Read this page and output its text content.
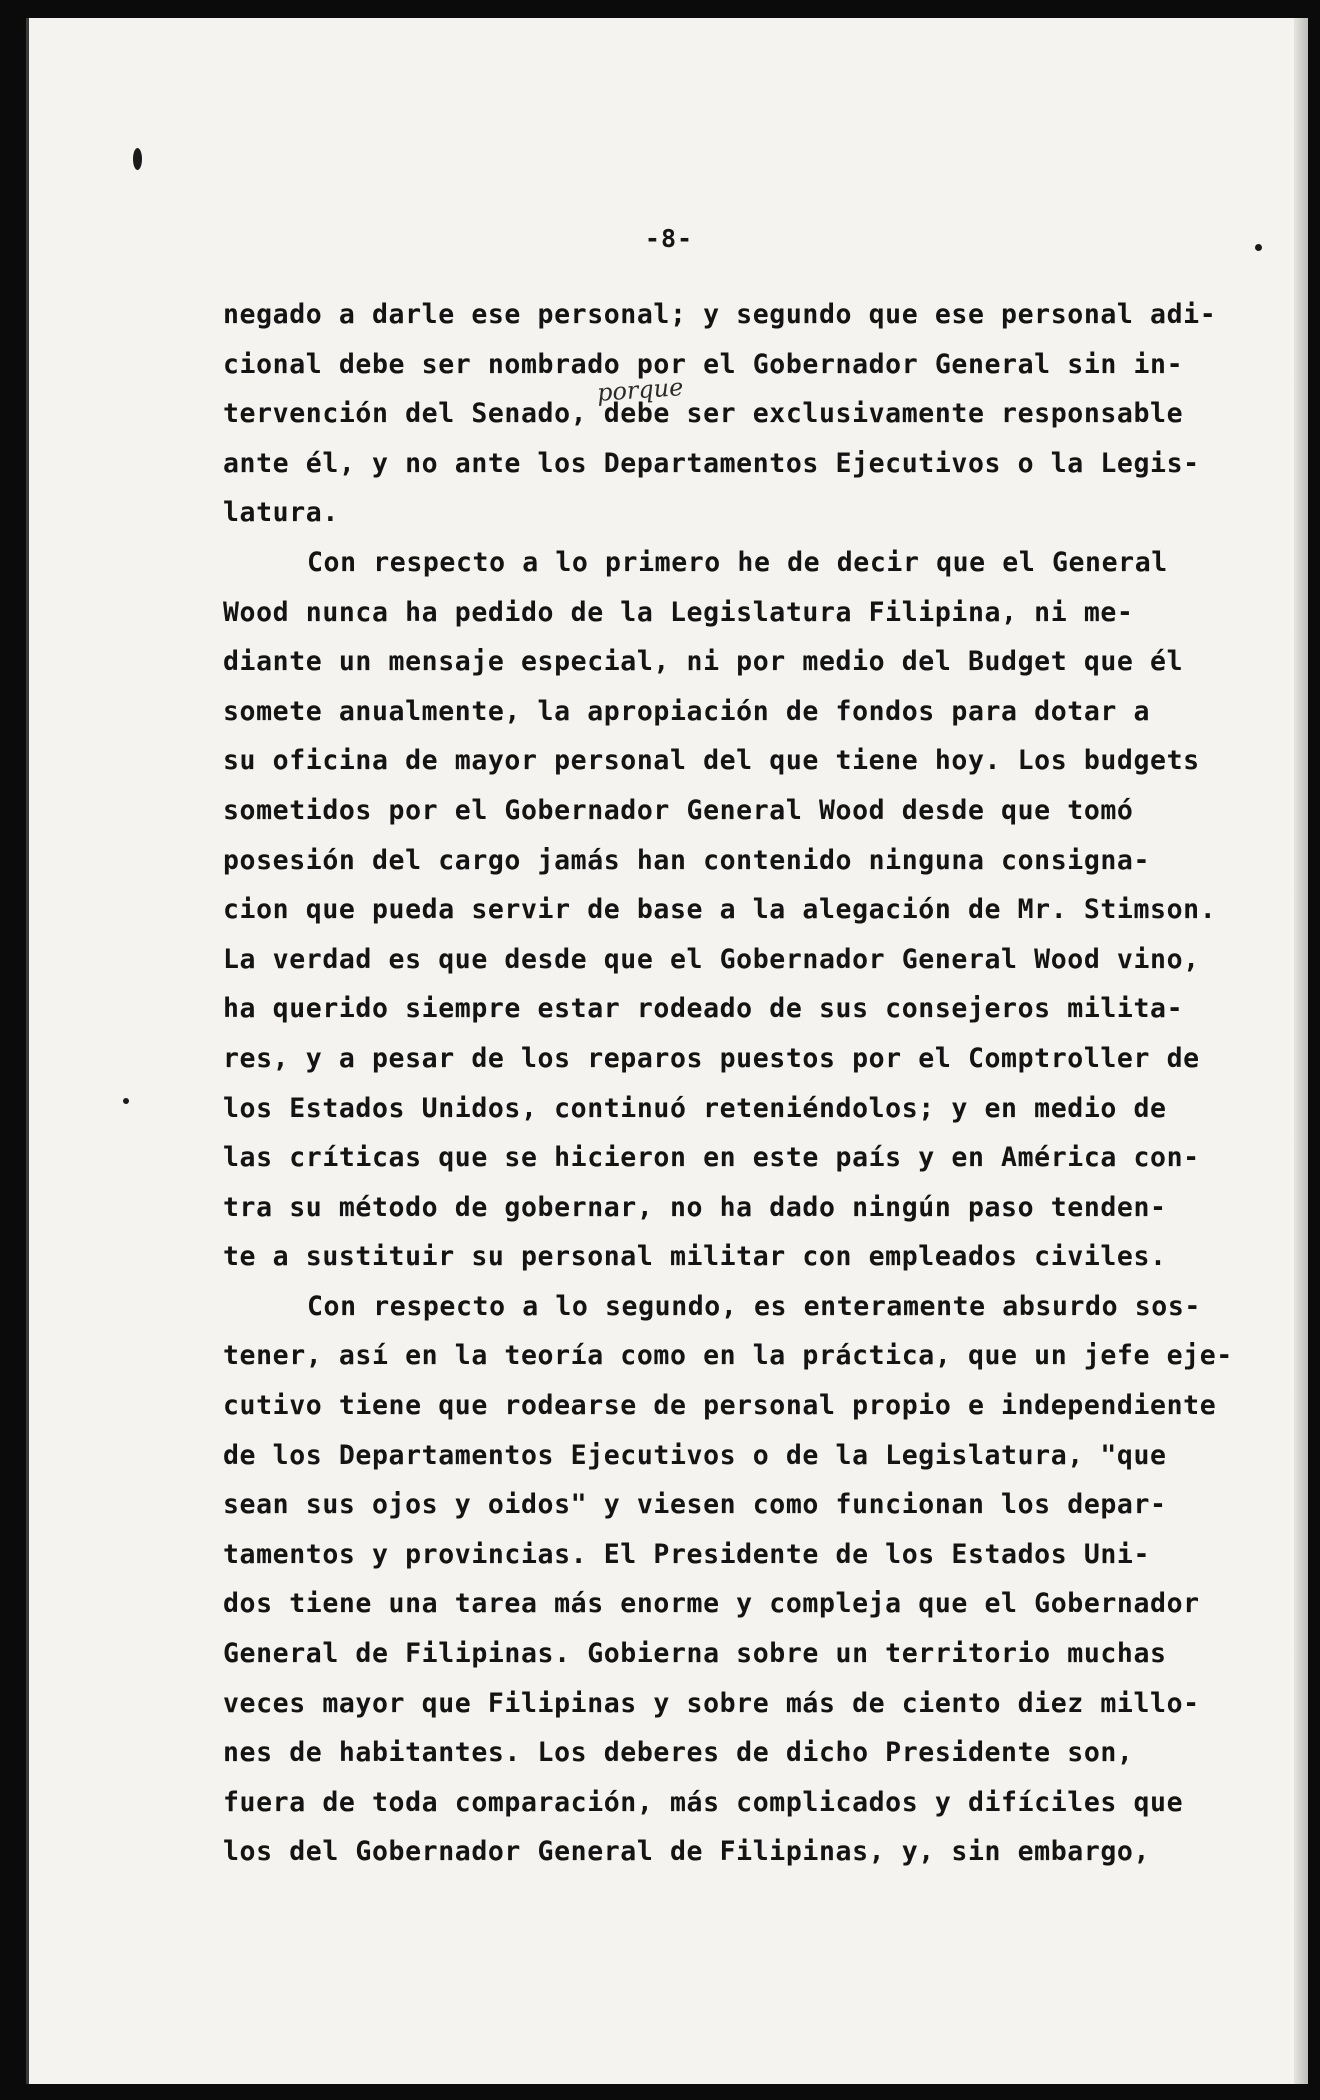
-8-
porque
negado a darle ese personal; y segundo que ese personal adi-
cional debe ser nombrado por el Gobernador General sin in-
tervención del Senado, debe ser exclusivamente responsable
ante él, y no ante los Departamentos Ejecutivos o la Legis-
latura.
Con respecto a lo primero he de decir que el General
Wood nunca ha pedido de la Legislatura Filipina, ni me-
diante un mensaje especial, ni por medio del Budget que él
somete anualmente, la apropiación de fondos para dotar a
su oficina de mayor personal del que tiene hoy. Los budgets
sometidos por el Gobernador General Wood desde que tomó
posesión del cargo jamás han contenido ninguna consigna-
cion que pueda servir de base a la alegación de Mr. Stimson.
La verdad es que desde que el Gobernador General Wood vino,
ha querido siempre estar rodeado de sus consejeros milita-
res, y a pesar de los reparos puestos por el Comptroller de
los Estados Unidos, continuó reteniéndolos; y en medio de
las críticas que se hicieron en este país y en América con-
tra su método de gobernar, no ha dado ningún paso tenden-
te a sustituir su personal militar con empleados civiles.
Con respecto a lo segundo, es enteramente absurdo sos-
tener, así en la teoría como en la práctica, que un jefe eje-
cutivo tiene que rodearse de personal propio e independiente
de los Departamentos Ejecutivos o de la Legislatura, "que
sean sus ojos y oidos" y viesen como funcionan los depar-
tamentos y provincias. El Presidente de los Estados Uni-
dos tiene una tarea más enorme y compleja que el Gobernador
General de Filipinas. Gobierna sobre un territorio muchas
veces mayor que Filipinas y sobre más de ciento diez millo-
nes de habitantes. Los deberes de dicho Presidente son,
fuera de toda comparación, más complicados y difíciles que
los del Gobernador General de Filipinas, y, sin embargo,
